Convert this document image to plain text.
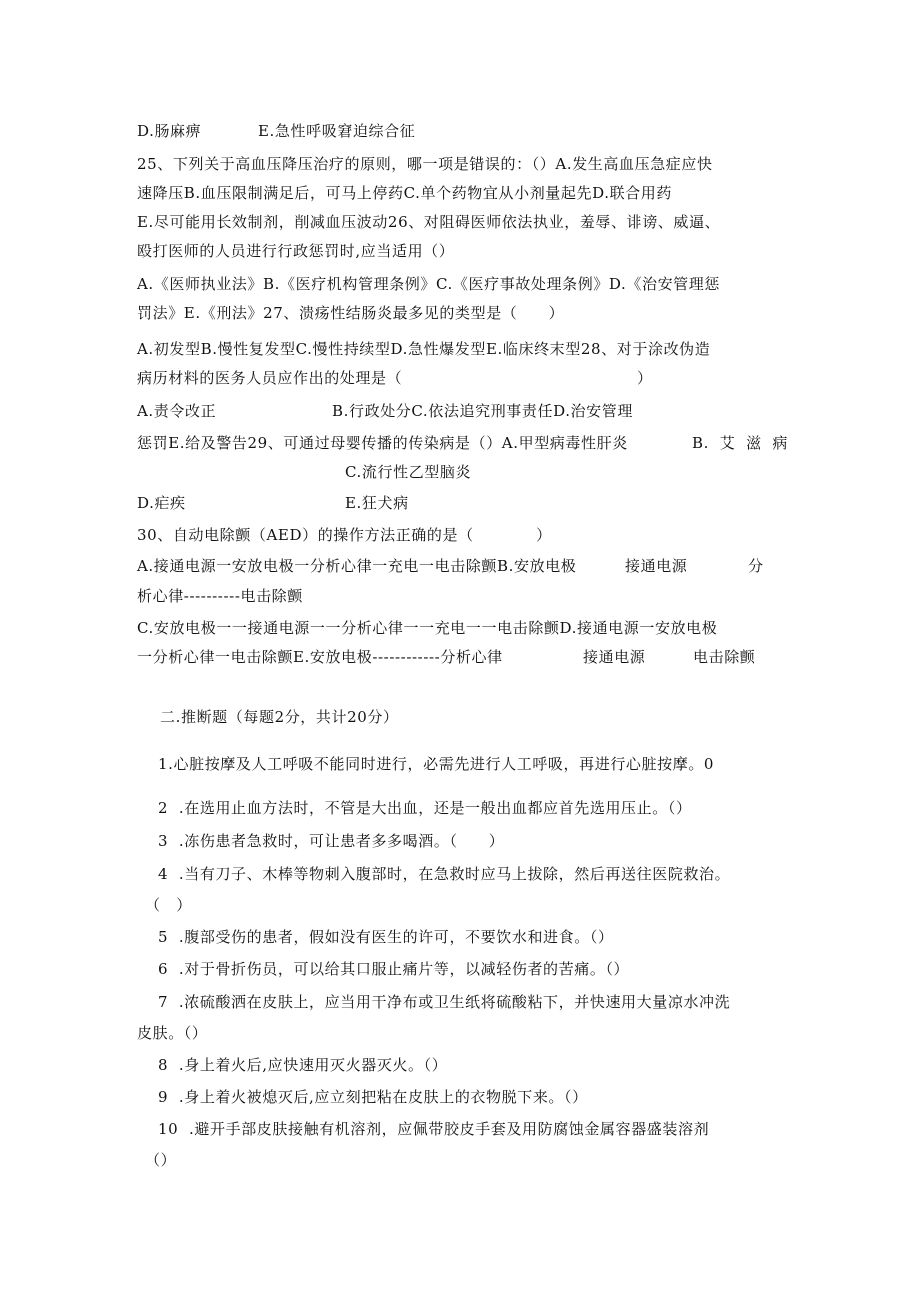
D.肠麻痹	E.急性呼吸窘迫综合征
25、下列关于高血压降压治疗的原则，哪一项是错误的：（）A.发生高血压急症应快
速降压B.血压限制满足后，可马上停药C.单个药物宜从小剂量起先D.联合用药
E.尽可能用长效制剂，削减血压波动26、对阻碍医师依法执业，羞辱、诽谤、威逼、
殴打医师的人员进行行政惩罚时,应当适用（）
A.《医师执业法》B.《医疗机构管理条例》C.《医疗事故处理条例》D.《治安管理惩
罚法》E.《刑法》27、溃疡性结肠炎最多见的类型是（　　）
A.初发型B.慢性复发型C.慢性持续型D.急性爆发型E.临床终末型28、对于涂改伪造
病历材料的医务人员应作出的处理是（	）
A.责令改正	B.行政处分C.依法追究刑事责任D.治安管理
惩罚E.给及警告29、可通过母婴传播的传染病是（）A.甲型病毒性肝炎	B.  艾  滋  病
C.流行性乙型脑炎
D.疟疾	E.狂犬病
30、自动电除颤（AED）的操作方法正确的是（　　　　）
A.接通电源一安放电极一分析心律一充电一电击除颤B.安放电极	接通电源	分
析心律----------电击除颤
C.安放电极一一接通电源一一分析心律一一充电一一电击除颤D.接通电源一安放电极
一分析心律一电击除颤E.安放电极------------分析心律	接通电源	电击除颤
二.推断题（每题2分，共计20分）
1.心脏按摩及人工呼吸不能同时进行，必需先进行人工呼吸，再进行心脏按摩。0
2  .在选用止血方法时，不管是大出血，还是一般出血都应首先选用压止。（）
3  .冻伤患者急救时，可让患者多多喝酒。（　　）
4  .当有刀子、木棒等物刺入腹部时，在急救时应马上拔除，然后再送往医院救治。
（　）
5  .腹部受伤的患者，假如没有医生的许可，不要饮水和进食。（）
6  .对于骨折伤员，可以给其口服止痛片等，以减轻伤者的苦痛。（）
7  .浓硫酸洒在皮肤上，应当用干净布或卫生纸将硫酸粘下，并快速用大量凉水冲洗
皮肤。（）
8  .身上着火后,应快速用灭火器灭火。（）
9  .身上着火被熄灭后,应立刻把粘在皮肤上的衣物脱下来。（）
10  .避开手部皮肤接触有机溶剂，应佩带胶皮手套及用防腐蚀金属容器盛装溶剂
（）
